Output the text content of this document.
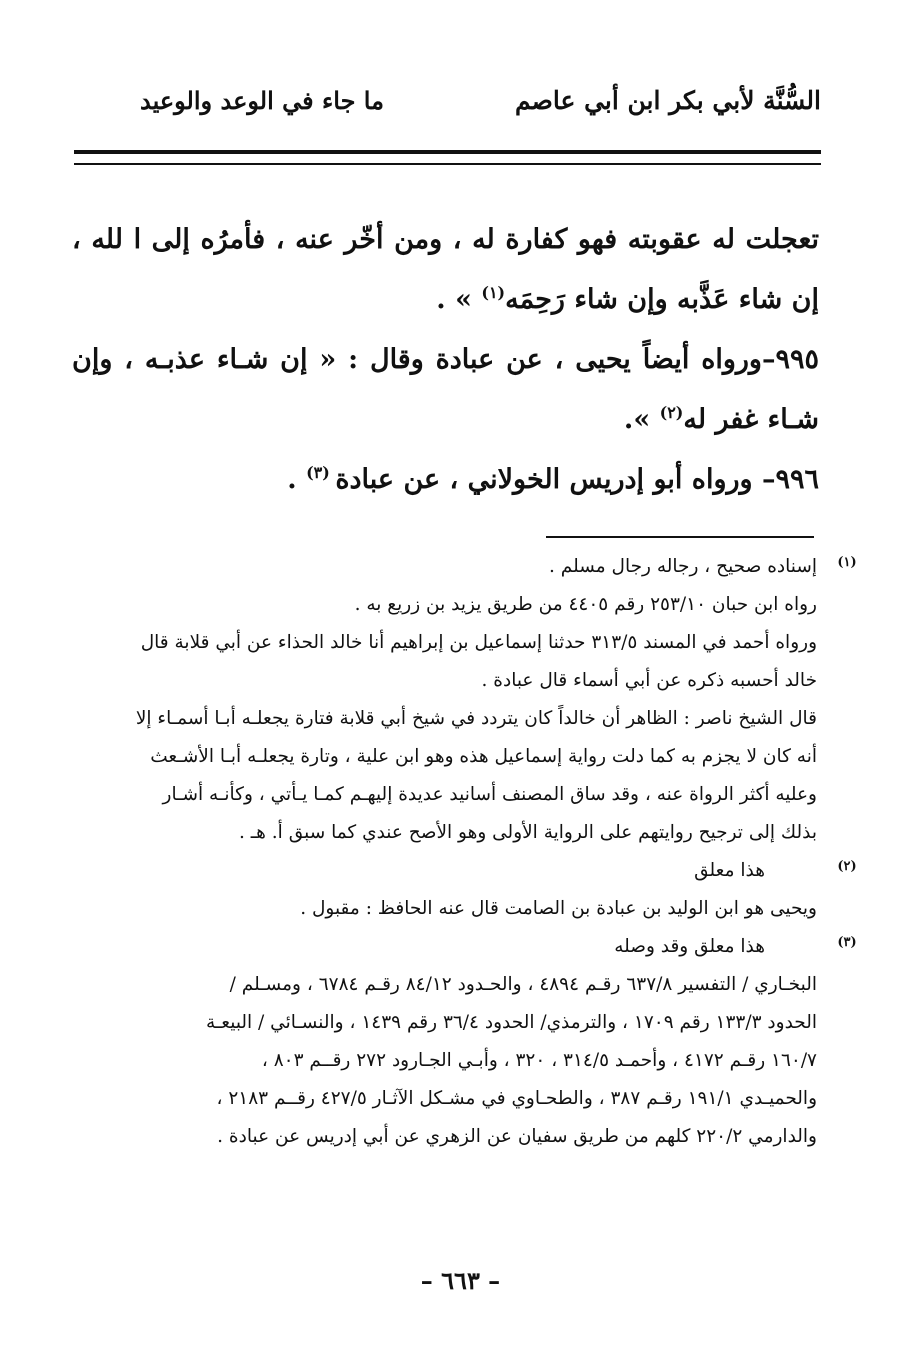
السُّنَّة لأبي بكر ابن أبي عاصم
ما جاء في الوعد والوعيد

تعجلت له عقوبته فهو كفارة له ، ومن أخّر عنه ، فأمرُه إلى ا لله ، إن شاء عَذَّبه وإن شاء رَحِمَه$^{(١)}$ » .

٩٩٥–ورواه أيضاً يحيى ، عن عبادة وقال : « إن شـاء عذبـه ، وإن شـاء غفر له$^{(٢)}$ ».

٩٩٦– ورواه أبو إدريس الخولاني ، عن عبادة $^{(٣)}$ .

(١)
إسناده صحيح ، رجاله رجال مسلم .
رواه ابن حبان ٢٥٣/١٠ رقم ٤٤٠٥ من طريق يزيد بن زريع به .
ورواه أحمد في المسند ٣١٣/٥ حدثنا إسماعيل بن إبراهيم أنا خالد الحذاء عن أبي قلابة قال
خالد أحسبه ذكره عن أبي أسماء قال عبادة .
قال الشيخ ناصر : الظاهر أن خالداً كان يتردد في شيخ أبي قلابة فتارة يجعلـه أبـا أسمـاء إلا
أنه كان لا يجزم به كما دلت رواية إسماعيل هذه وهو ابن علية ، وتارة يجعلـه أبـا الأشـعث
وعليه أكثر الرواة عنه ، وقد ساق المصنف أسانيد عديدة إليهـم كمـا يـأتي ، وكأنـه أشـار
بذلك إلى ترجيح روايتهم على الرواية الأولى وهو الأصح عندي كما سبق أ. هـ .
(٢)
هذا معلق
ويحيى هو ابن الوليد بن عبادة بن الصامت قال عنه الحافظ : مقبول .
(٣)
هذا معلق وقد وصله
البخـاري / التفسير ٦٣٧/٨ رقـم ٤٨٩٤ ، والحـدود ٨٤/١٢ رقـم ٦٧٨٤ ، ومسـلم /
الحدود ١٣٣/٣ رقم ١٧٠٩ ، والترمذي/ الحدود ٣٦/٤ رقم ١٤٣٩ ، والنسـائي / البيعـة
١٦٠/٧ رقـم ٤١٧٢ ، وأحمـد ٣١٤/٥ ، ٣٢٠ ، وأبـي الجـارود ٢٧٢ رقــم ٨٠٣ ،
والحميـدي ١٩١/١ رقـم ٣٨٧ ، والطحـاوي في مشـكل الآثـار ٤٢٧/٥ رقــم ٢١٨٣ ،
والدارمي ٢٢٠/٢ كلهم من طريق سفيان عن الزهري عن أبي إدريس عن عبادة .
– ٦٦٣ –
